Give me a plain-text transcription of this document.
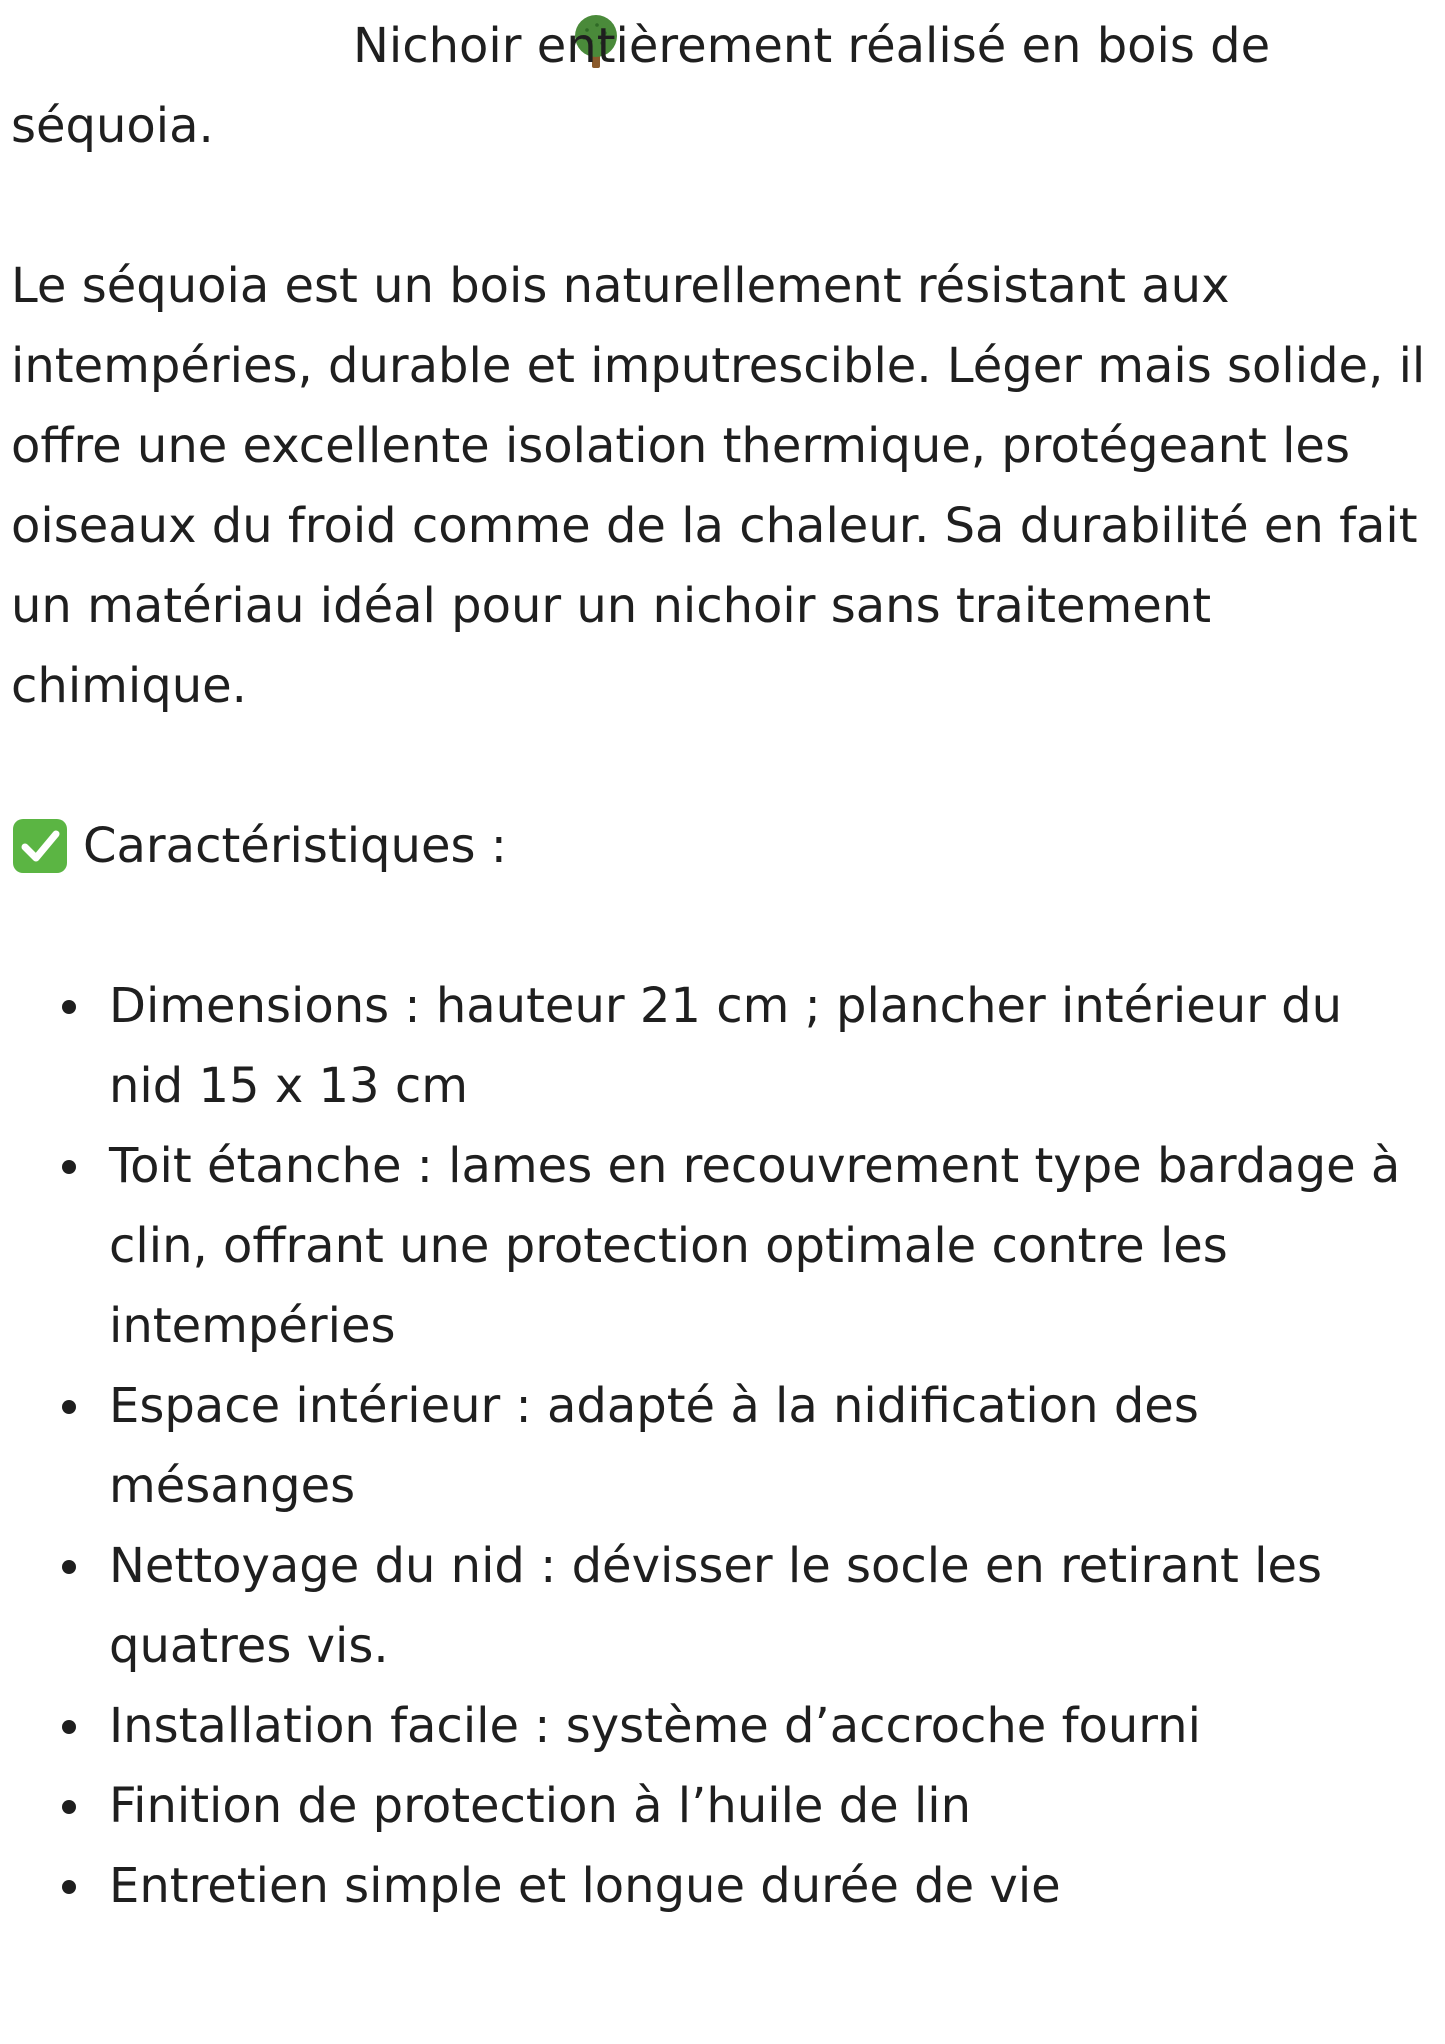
Nichoir entièrement réalisé en bois de séquoia.
Le séquoia est un bois naturellement résistant aux intempéries, durable et imputrescible. Léger mais solide, il offre une excellente isolation thermique, protégeant les oiseaux du froid comme de la chaleur. Sa durabilité en fait un matériau idéal pour un nichoir sans traitement chimique.
Caractéristiques :
Dimensions : hauteur 21 cm ; plancher intérieur du nid 15 x 13 cm
Toit étanche : lames en recouvrement type bardage à clin, offrant une protection optimale contre les intempéries
Espace intérieur : adapté à la nidification des mésanges
Nettoyage du nid : dévisser le socle en retirant les quatres vis.
Installation facile : système d’accroche fourni
Finition de protection à l’huile de lin
Entretien simple et longue durée de vie
